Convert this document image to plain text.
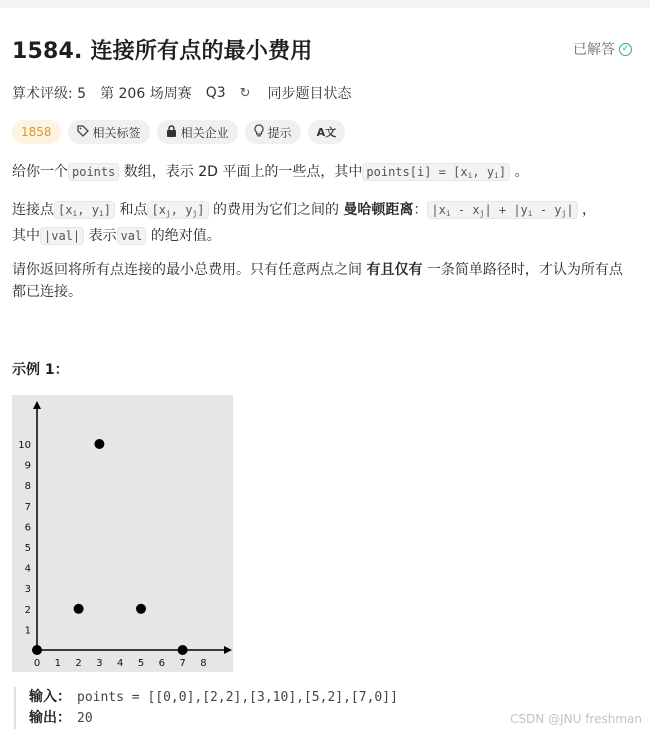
1584. 连接所有点的最小费用	已解答 ✓
算术评级: 5 第 206 场周赛 Q3 ↻ 同步题目状态
1858	相关标签	相关企业	提示 A文
给你一个 points 数组，表示 2D 平面上的一些点，其中 points[i] = [$x_i$, $y_i$] 。
连接点 [$x_i$, $y_i$] 和点 [$x_j$, $y_j$] 的费用为它们之间的 曼哈顿距离： $|x_i - x_j| + |y_i - y_j|$ ，
其中 |val| 表示 val 的绝对值。
请你返回将所有点连接的最小总费用。只有任意两点之间 有且仅有 一条简单路径时，才认为所有点都已连接。
示例 1：
0 1 2 3 4 5 6 7 8
1
2
3
4
5
6
7
8
9
10
输入： points = [[0,0],[2,2],[3,10],[5,2],[7,0]]
输出： 20	CSDN @JNU freshman
